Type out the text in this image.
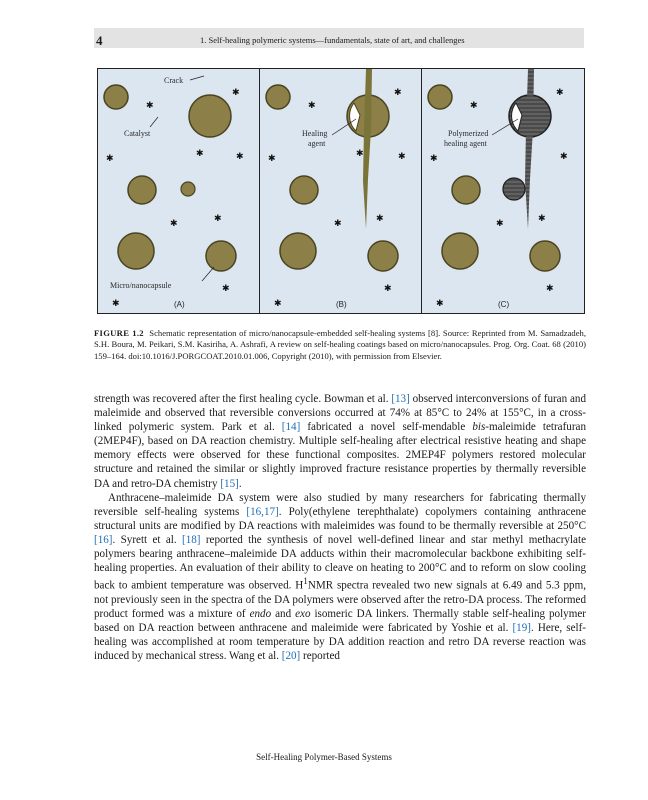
4	1. Self-healing polymeric systems—fundamentals, state of art, and challenges
✱
✱
✱	✱	✱
✱	✱
✱
✱
Crack
Catalyst
Micro/nanocapsule
(A)
✱
✱
✱	✱	✱
✱	✱
✱
✱
Healing agent
(B)
✱
✱
✱	✱
✱	✱
✱
✱
Polymerized healing agent
(C)
FIGURE 1.2 Schematic representation of micro/nanocapsule-embedded self-healing systems [8]. Source: Reprinted from M. Samadzadeh, S.H. Boura, M. Peikari, S.M. Kasiriha, A. Ashrafi, A review on self-healing coatings based on micro/nanocapsules. Prog. Org. Coat. 68 (2010) 159–164. doi:10.1016/J.PORGCOAT.2010.01.006, Copyright (2010), with permission from Elsevier.

strength was recovered after the first healing cycle. Bowman et al. [13] observed interconversions of furan and maleimide and observed that reversible conversions occurred at 74% at 85°C to 24% at 155°C, in a cross-linked polymeric system. Park et al. [14] fabricated a novel self-mendable bis-maleimide tetrafuran (2MEP4F), based on DA reaction chemistry. Multiple self-healing after electrical resistive heating and shape memory effects were observed for these functional composites. 2MEP4F polymers restored molecular structure and retained the similar or slightly improved fracture resistance properties by thermally reversible DA and retro-DA chemistry [15].

Anthracene–maleimide DA system were also studied by many researchers for fabricating thermally reversible self-healing systems [16,17]. Poly(ethylene terephthalate) copolymers containing anthracene structural units are modified by DA reactions with maleimides was found to be thermally reversible at 250°C [16]. Syrett et al. [18] reported the synthesis of novel well-defined linear and star methyl methacrylate polymers bearing anthracene–maleimide DA adducts within their macromolecular backbone exhibiting self-healing properties. An evaluation of their ability to cleave on heating to 200°C and to reform on slow cooling back to ambient temperature was observed. $H^1NMR$ spectra revealed two new signals at 6.49 and 5.3 ppm, not previously seen in the spectra of the DA polymers were observed after the retro-DA process. The reformed product formed was a mixture of endo and exo isomeric DA linkers. Thermally stable self-healing polymer based on DA reaction between anthracene and maleimide were fabricated by Yoshie et al. [19]. Here, self-healing was accomplished at room temperature by DA addition reaction and retro DA reverse reaction was induced by mechanical stress. Wang et al. [20] reported

Self-Healing Polymer-Based Systems
